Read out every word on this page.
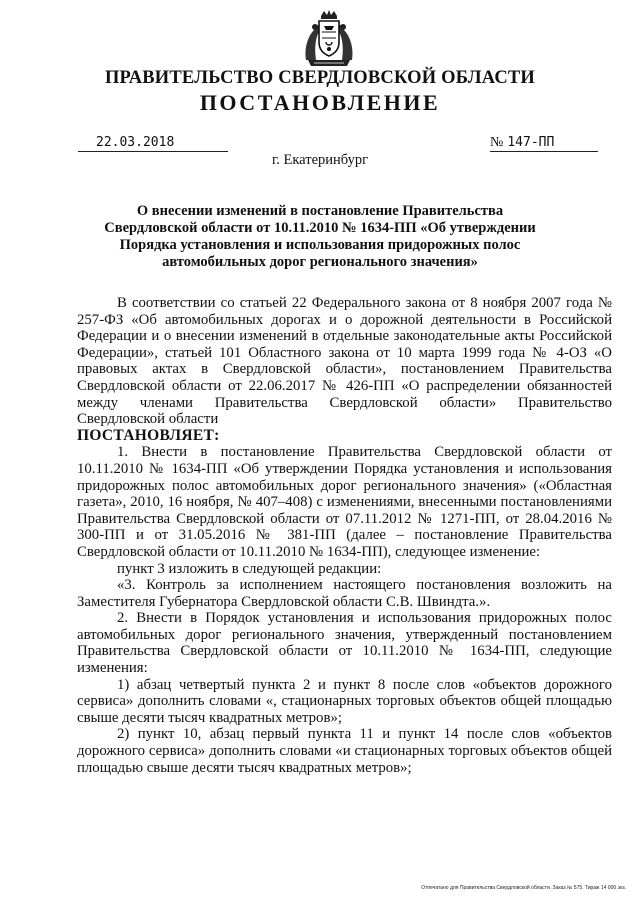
ПРАВИТЕЛЬСТВО СВЕРДЛОВСКОЙ ОБЛАСТИ
ПОСТАНОВЛЕНИЕ
22.03.2018	№ 147-ПП
г. Екатеринбург
О внесении изменений в постановление Правительства Свердловской области от 10.11.2010 № 1634-ПП «Об утверждении Порядка установления и использования придорожных полос автомобильных дорог регионального значения»

В соответствии со статьей 22 Федерального закона от 8 ноября 2007 года № 257-ФЗ «Об автомобильных дорогах и о дорожной деятельности в Российской Федерации и о внесении изменений в отдельные законодательные акты Российской Федерации», статьей 101 Областного закона от 10 марта 1999 года № 4-ОЗ «О правовых актах в Свердловской области», постановлением Правительства Свердловской области от 22.06.2017 № 426-ПП «О распределении обязанностей между членами Правительства Свердловской области» Правительство Свердловской области

ПОСТАНОВЛЯЕТ:

1. Внести в постановление Правительства Свердловской области от 10.11.2010 № 1634-ПП «Об утверждении Порядка установления и использования придорожных полос автомобильных дорог регионального значения» («Областная газета», 2010, 16 ноября, № 407–408) с изменениями, внесенными постановлениями Правительства Свердловской области от 07.11.2012 № 1271-ПП, от 28.04.2016 № 300-ПП и от 31.05.2016 № 381-ПП (далее – постановление Правительства Свердловской области от 10.11.2010 № 1634-ПП), следующее изменение:

пункт 3 изложить в следующей редакции:

«3. Контроль за исполнением настоящего постановления возложить на Заместителя Губернатора Свердловской области С.В. Швиндта.».

2. Внести в Порядок установления и использования придорожных полос автомобильных дорог регионального значения, утвержденный постановлением Правительства Свердловской области от 10.11.2010 № 1634-ПП, следующие изменения:

1) абзац четвертый пункта 2 и пункт 8 после слов «объектов дорожного сервиса» дополнить словами «, стационарных торговых объектов общей площадью свыше десяти тысяч квадратных метров»;

2) пункт 10, абзац первый пункта 11 и пункт 14 после слов «объектов дорожного сервиса» дополнить словами «и стационарных торговых объектов общей площадью свыше десяти тысяч квадратных метров»;

Отпечатано для Правительства Свердловской области. Заказ № 575. Тираж 14 000 экз.
